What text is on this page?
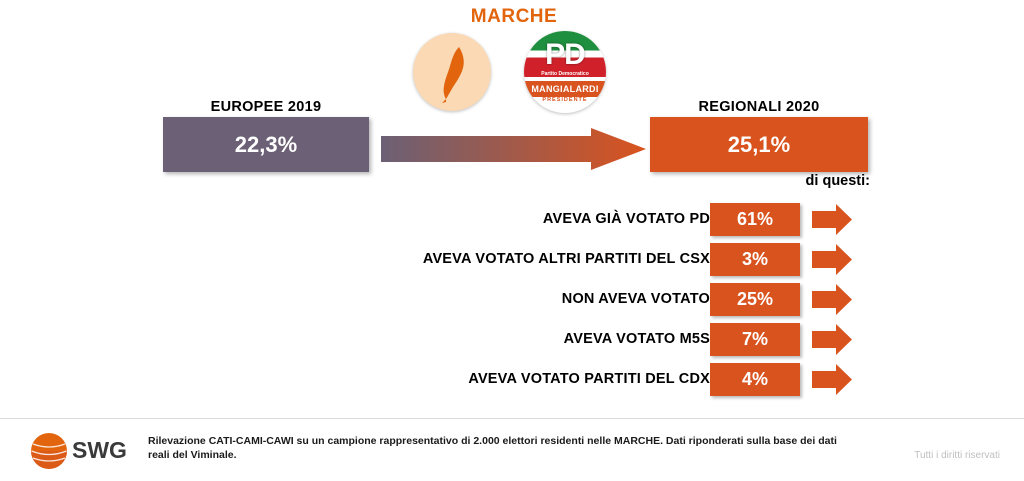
MARCHE
PD
Partito Democratico
MANGIALARDI
PRESIDENTE
EUROPEE 2019	REGIONALI 2020
22,3%	25,1%
di questi:
AVEVA GIÀ VOTATO PD	61%
AVEVA VOTATO ALTRI PARTITI DEL CSX	3%
NON AVEVA VOTATO	25%
AVEVA VOTATO M5S	7%
AVEVA VOTATO PARTITI DEL CDX	4%
SWG Rilevazione CATI-CAMI-CAWI su un campione rappresentativo di 2.000 elettori residenti nelle MARCHE. Dati riponderati sulla base dei dati reali del Viminale.	Tutti i diritti riservati
